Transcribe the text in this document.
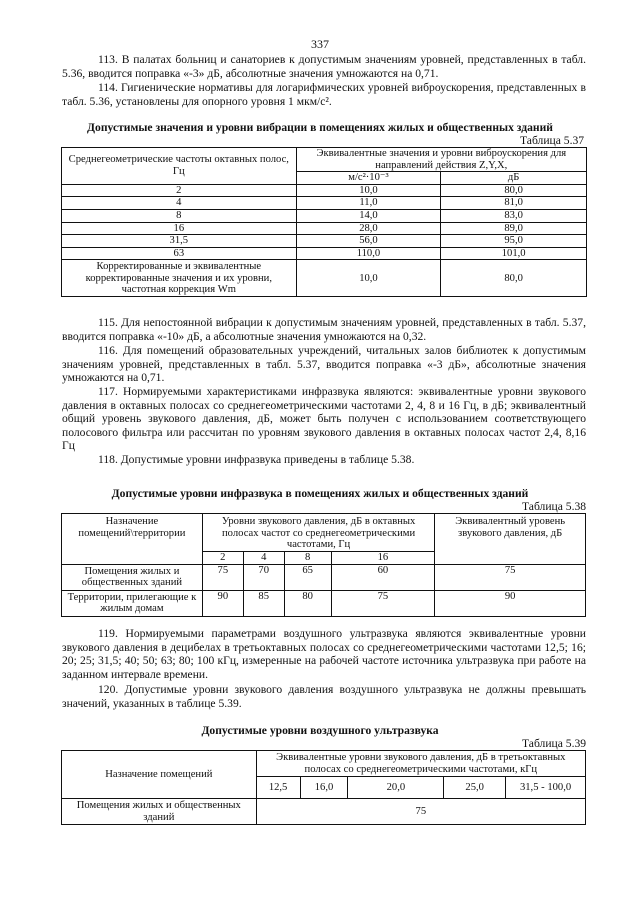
337

113. В палатах больниц и санаториев к допустимым значениям уровней, представленных в табл. 5.36, вводится поправка «-3» дБ, абсолютные значения умножаются на 0,71.

114. Гигиенические нормативы для логарифмических уровней виброускорения, представленных в табл. 5.36, установлены для опорного уровня 1 мкм/с².

Допустимые значения и уровни вибрации в помещениях жилых и общественных зданий

Таблица 5.37

Среднегеометрические частоты октавных полос, Гц	Эквивалентные значения и уровни виброускорения для направлений действия Z,Y,X,	
	м/с²·10⁻³	дБ
2	10,0	80,0
4	11,0	81,0
8	14,0	83,0
16	28,0	89,0
31,5	56,0	95,0
63	110,0	101,0
Корректированные и эквивалентные корректированные значения и их уровни, частотная коррекция Wm	10,0	80,0

115. Для непостоянной вибрации к допустимым значениям уровней, представленных в табл. 5.37, вводится поправка «-10» дБ, а абсолютные значения умножаются на 0,32.

116. Для помещений образовательных учреждений, читальных залов библиотек к допустимым значениям уровней, представленных в табл. 5.37, вводится поправка «-3 дБ», абсолютные значения умножаются на 0,71.

117. Нормируемыми характеристиками инфразвука являются: эквивалентные уровни звукового давления в октавных полосах со среднегеометрическими частотами 2, 4, 8 и 16 Гц, в дБ; эквивалентный общий уровень звукового давления, дБ, может быть получен с использованием соответствующего полосового фильтра или рассчитан по уровням звукового давления в октавных полосах частот 2,4, 8,16 Гц

118. Допустимые уровни инфразвука приведены в таблице 5.38.

Допустимые уровни инфразвука в помещениях жилых и общественных зданий

Таблица 5.38

Назначение помещений\территории	Уровни звукового давления, дБ в октавных полосах частот со среднегеометрическими частотами, Гц				Эквивалентный уровень звукового давления, дБ
	2	4	8	16	
Помещения жилых и общественных зданий	75	70	65	60	75
Территории, прилегающие к жилым домам	90	85	80	75	90

119. Нормируемыми параметрами воздушного ультразвука являются эквивалентные уровни звукового давления в децибелах в третьоктавных полосах со среднегеометрическими частотами 12,5; 16; 20; 25; 31,5; 40; 50; 63; 80; 100 кГц, измеренные на рабочей частоте источника ультразвука при работе на заданном интервале времени.

120. Допустимые уровни звукового давления воздушного ультразвука не должны превышать значений, указанных в таблице 5.39.

Допустимые уровни воздушного ультразвука

Таблица 5.39

Назначение помещений	Эквивалентные уровни звукового давления, дБ в третьоктавных полосах со среднегеометрическими частотами, кГц				
	12,5	16,0	20,0	25,0	31,5 - 100,0
Помещения жилых и общественных зданий	75				
